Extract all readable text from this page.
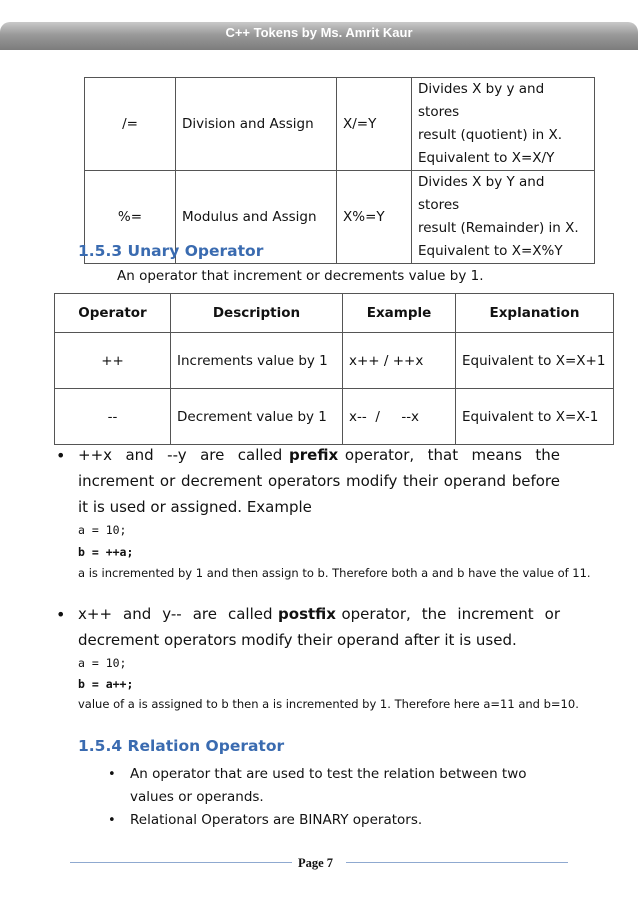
C++ Tokens by Ms. Amrit Kaur
/=	Division and Assign	X/=Y	Divides X by y and stores
result (quotient) in X.
Equivalent to X=X/Y

%=	Modulus and Assign	X%=Y	Divides X by Y and stores
result (Remainder) in X.
Equivalent to X=X%Y
1.5.3 Unary Operator
An operator that increment or decrements value by 1.
Operator	Description	Example	Explanation
++	Increments value by 1	x++ / ++x	Equivalent to X=X+1
--	Decrement value by 1	x--  /     --x	Equivalent to X=X-1
• ++x  and  --y  are  called prefix operator,  that  means  the increment or decrement operators modify their operand before it is used or assigned. Example
a = 10;
b = ++a;
a is incremented by 1 and then assign to b. Therefore both a and b have the value of 11.
• x++  and  y--  are  called postfix operator,  the  increment  or decrement operators modify their operand after it is used.
a = 10;
b = a++;
value of a is assigned to b then a is incremented by 1. Therefore here a=11 and b=10.
1.5.4 Relation Operator
• An operator that are used to test the relation between two values or operands.
• Relational Operators are BINARY operators.
Page 7
